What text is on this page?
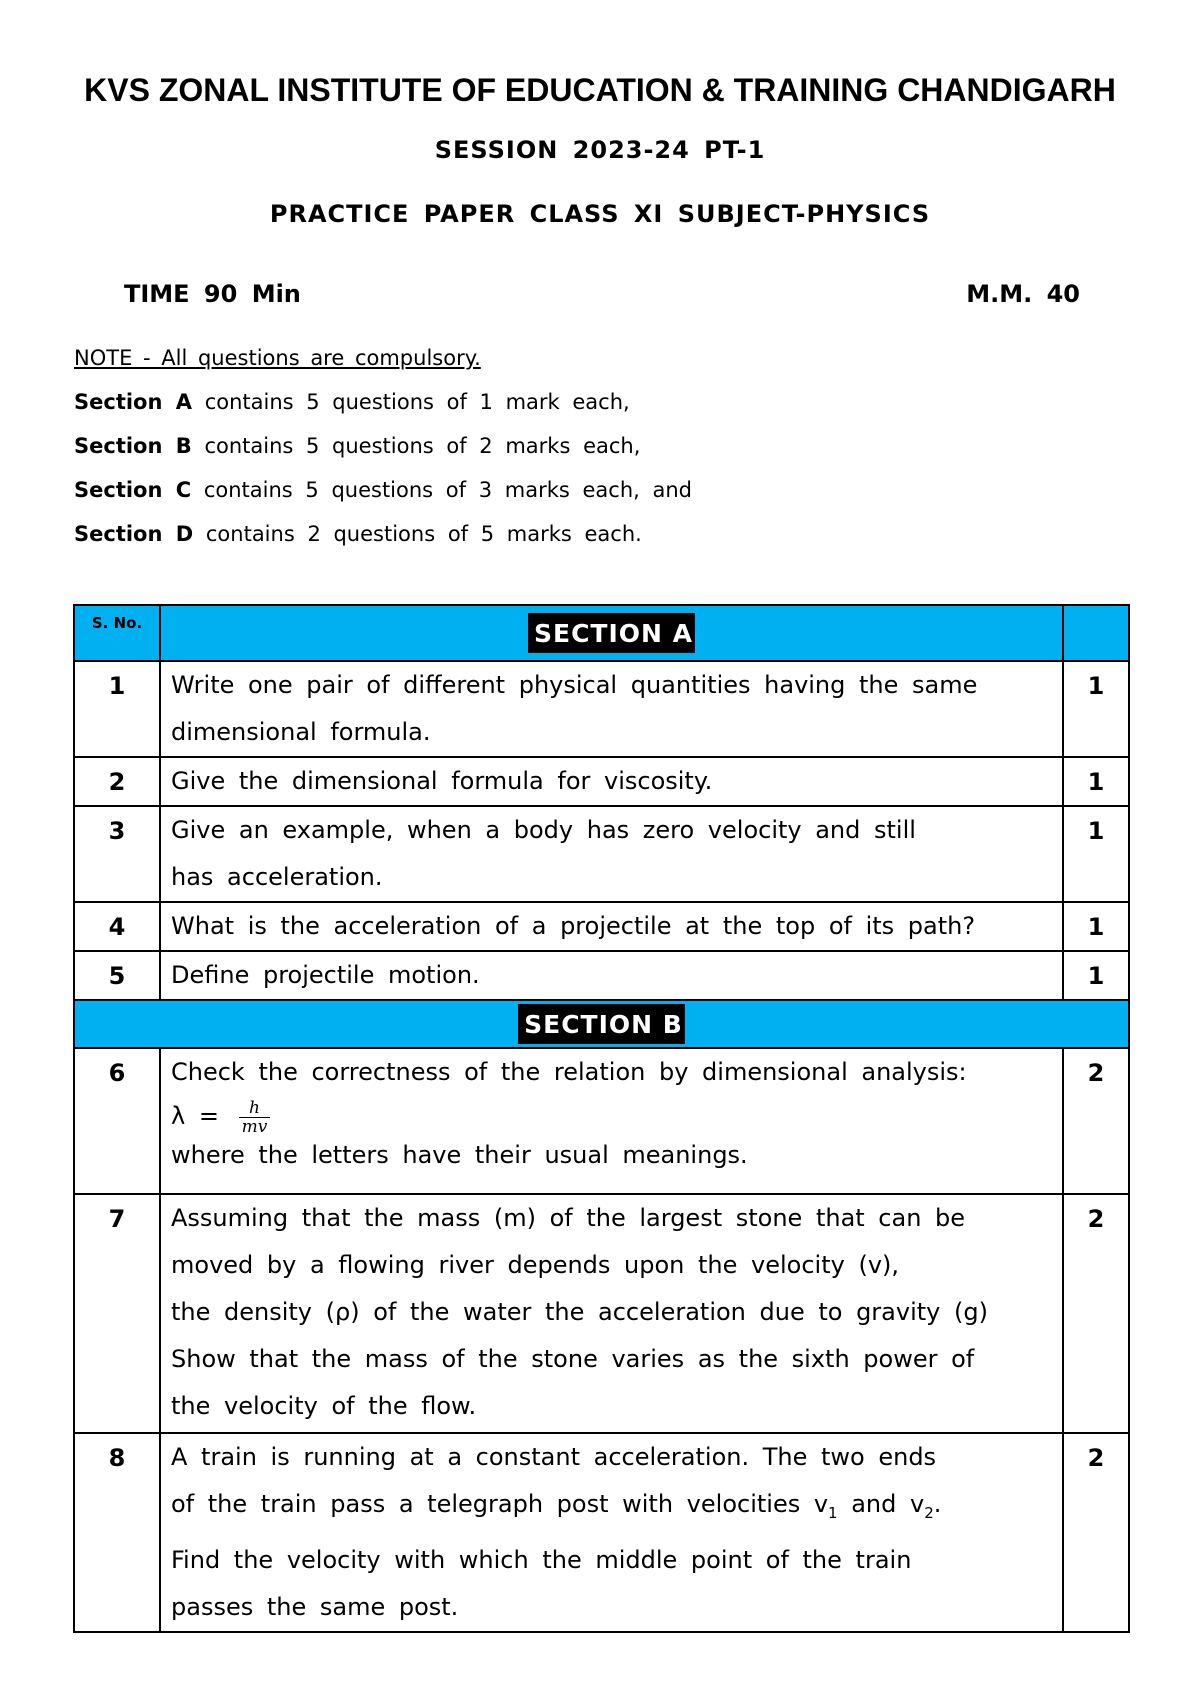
KVS ZONAL INSTITUTE OF EDUCATION & TRAINING CHANDIGARH
SESSION 2023-24 PT-1
PRACTICE PAPER CLASS XI SUBJECT-PHYSICS
TIME 90 Min	M.M. 40
NOTE - All questions are compulsory.
Section A contains 5 questions of 1 mark each,
Section B contains 5 questions of 2 marks each,
Section C contains 5 questions of 3 marks each, and
Section D contains 2 questions of 5 marks each.
S. No.	SECTION A	
1	Write one pair of different physical quantities having the same
dimensional formula.	1
2	Give the dimensional formula for viscosity.	1
3	Give an example, when a body has zero velocity and still
has acceleration.	1
4	What is the acceleration of a projectile at the top of its path?	1
5	Define projectile motion.	1
SECTION B		
6	Check the correctness of the relation by dimensional analysis:
$\lambda = \frac{h}{mv}$
where the letters have their usual meanings.	2
7	Assuming that the mass (m) of the largest stone that can be
moved by a flowing river depends upon the velocity (v),
the density (ρ) of the water the acceleration due to gravity (g)
Show that the mass of the stone varies as the sixth power of
the velocity of the flow.	2
8	A train is running at a constant acceleration. The two ends
of the train pass a telegraph post with velocities $v_1$ and $v_2$.
Find the velocity with which the middle point of the train
passes the same post.	2
